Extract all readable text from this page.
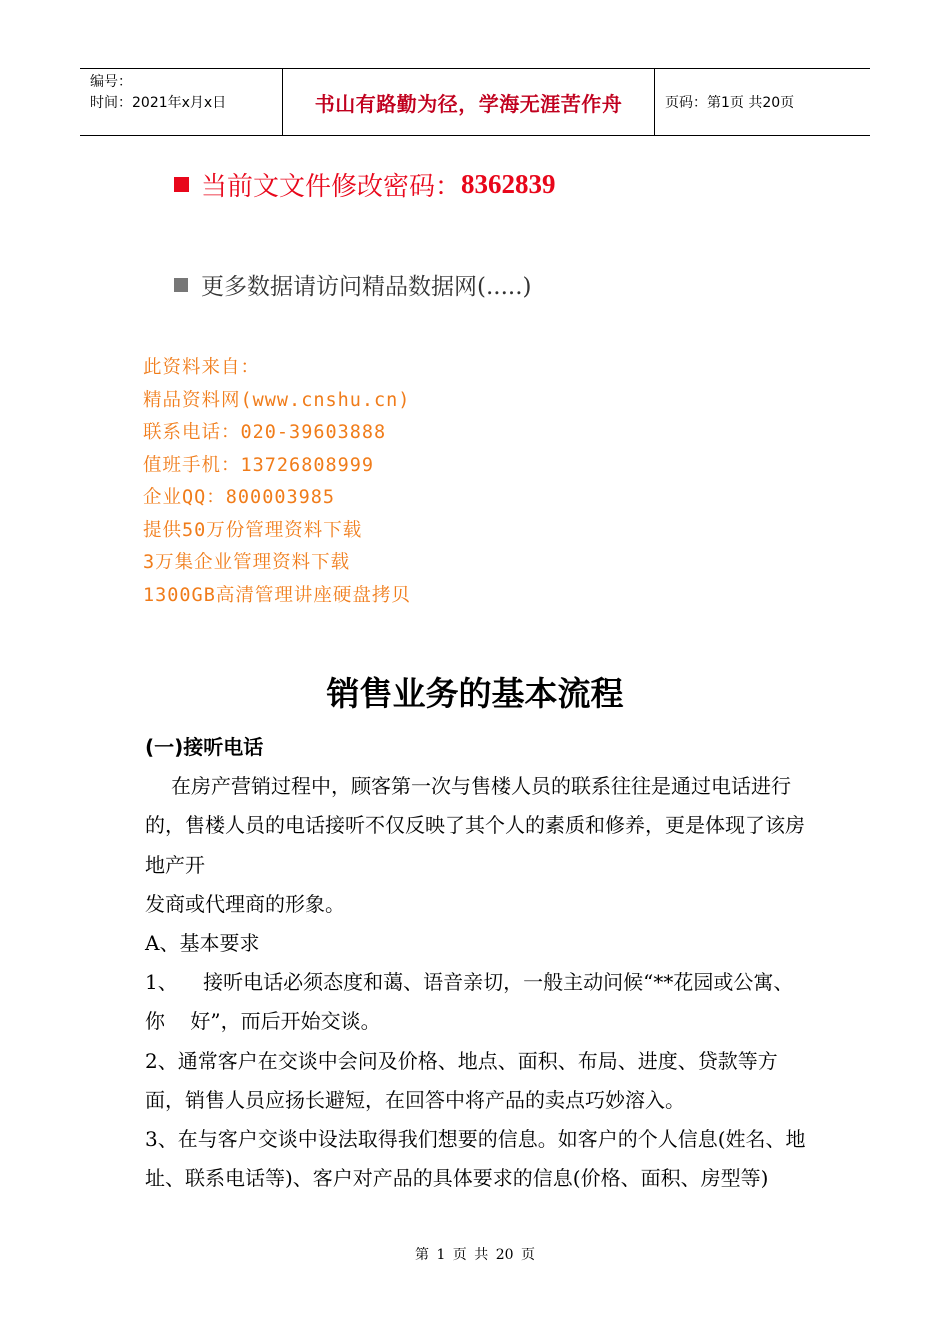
编号：
时间：2021年x月x日	书山有路勤为径，学海无涯苦作舟	页码：第1页 共20页
当前文文件修改密码： 8362839
更多数据请访问精品数据网(.....)
此资料来自：
精品资料网(www.cnshu.cn)
联系电话：020-39603888
值班手机：13726808999
企业QQ：800003985
提供50万份管理资料下载
3万集企业管理资料下载
1300GB高清管理讲座硬盘拷贝
销售业务的基本流程

(一)接听电话

在房产营销过程中，顾客第一次与售楼人员的联系往往是通过电话进行的，售楼人员的电话接听不仅反映了其个人的素质和修养，更是体现了该房地产开

发商或代理商的形象。

A、基本要求

1、    接听电话必须态度和蔼、语音亲切，一般主动问候“**花园或公寓、你    好”，而后开始交谈。

2、通常客户在交谈中会问及价格、地点、面积、布局、进度、贷款等方面，销售人员应扬长避短，在回答中将产品的卖点巧妙溶入。

3、在与客户交谈中设法取得我们想要的信息。如客户的个人信息(姓名、地址、联系电话等)、客户对产品的具体要求的信息(价格、面积、房型等)

第 1 页 共 20 页
